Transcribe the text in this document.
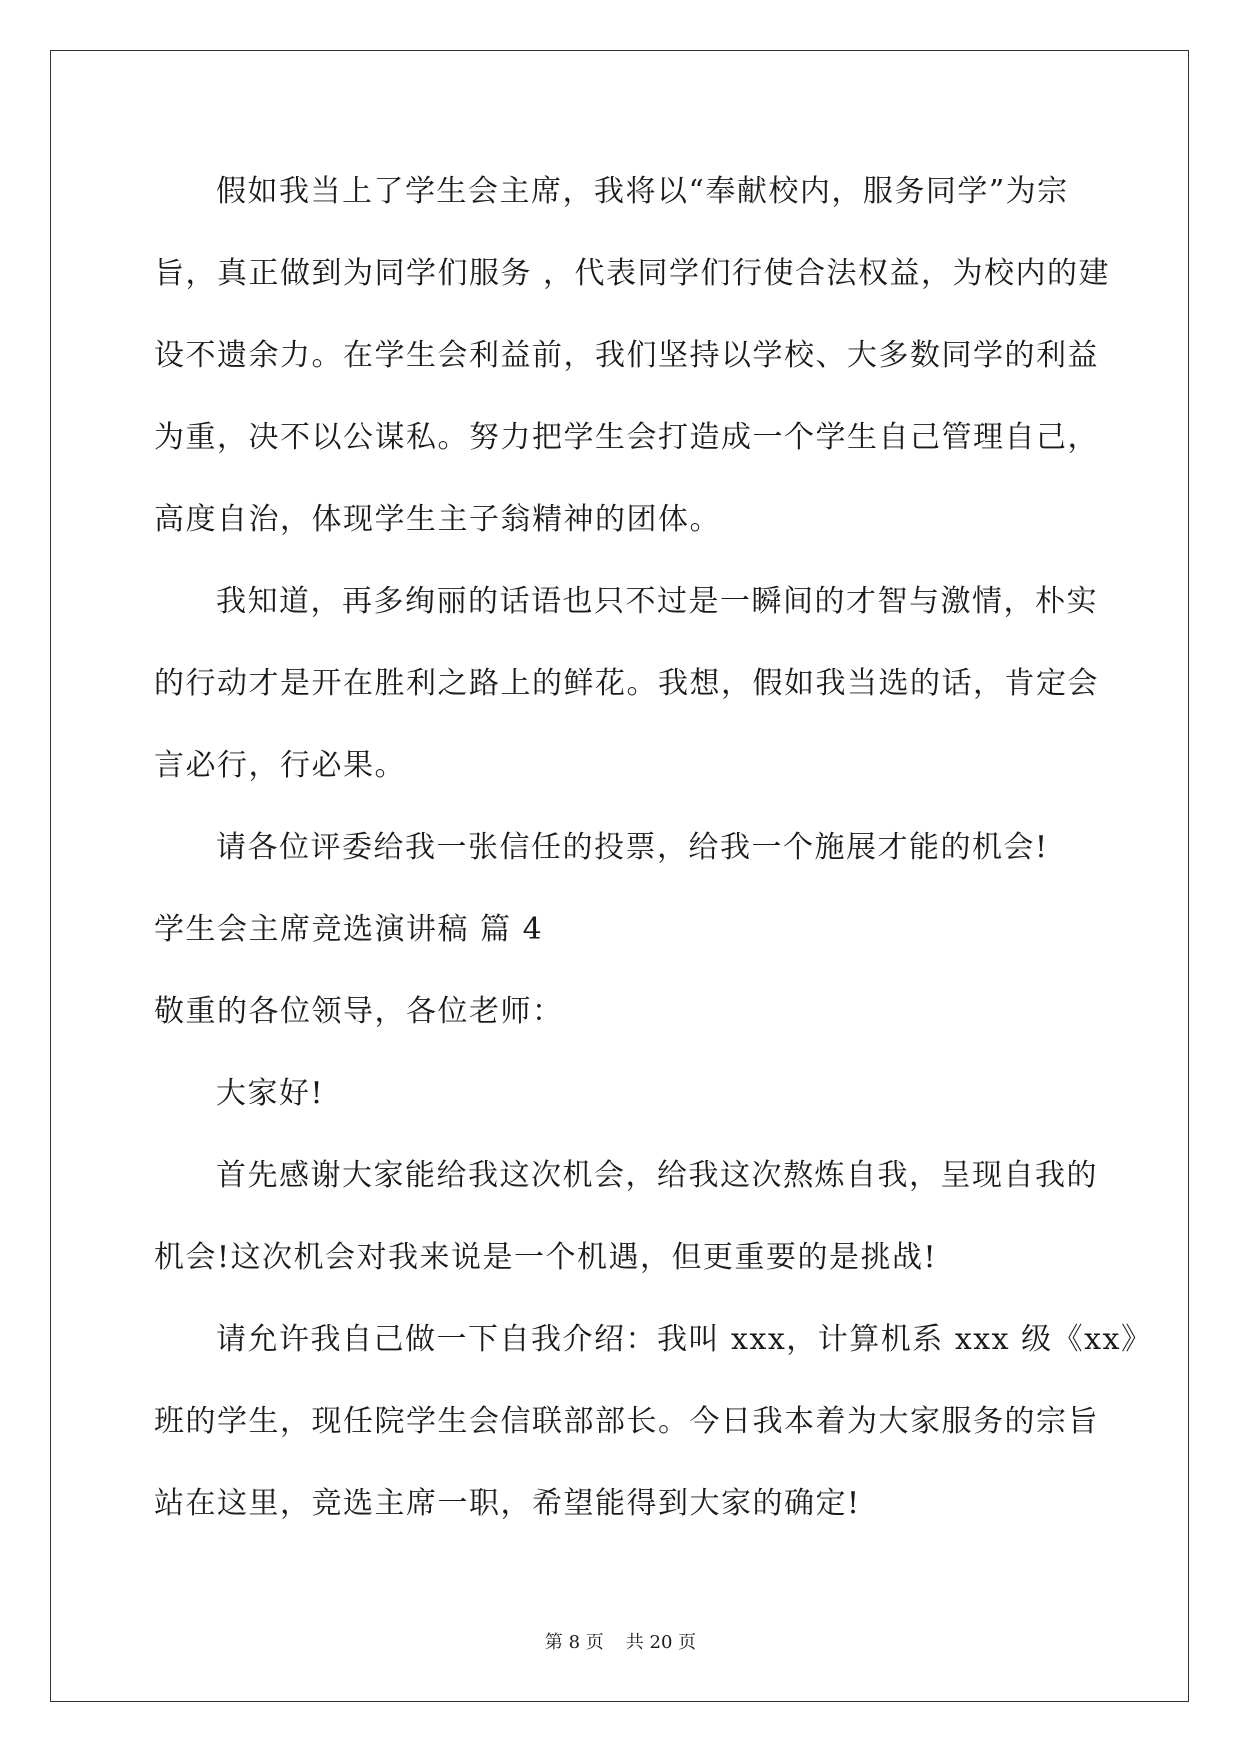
假如我当上了学生会主席，我将以“奉献校内，服务同学”为宗
旨，真正做到为同学们服务 ，代表同学们行使合法权益，为校内的建
设不遗余力。在学生会利益前，我们坚持以学校、大多数同学的利益
为重，决不以公谋私。努力把学生会打造成一个学生自己管理自己，
高度自治，体现学生主子翁精神的团体。
我知道，再多绚丽的话语也只不过是一瞬间的才智与激情，朴实
的行动才是开在胜利之路上的鲜花。我想，假如我当选的话，肯定会
言必行，行必果。
请各位评委给我一张信任的投票，给我一个施展才能的机会!
学生会主席竞选演讲稿 篇 4
敬重的各位领导，各位老师：
大家好!
首先感谢大家能给我这次机会，给我这次熬炼自我，呈现自我的
机会!这次机会对我来说是一个机遇，但更重要的是挑战!
请允许我自己做一下自我介绍：我叫 xxx，计算机系 xxx 级《xx》
班的学生，现任院学生会信联部部长。今日我本着为大家服务的宗旨
站在这里，竞选主席一职，希望能得到大家的确定!
第 8 页 共 20 页
